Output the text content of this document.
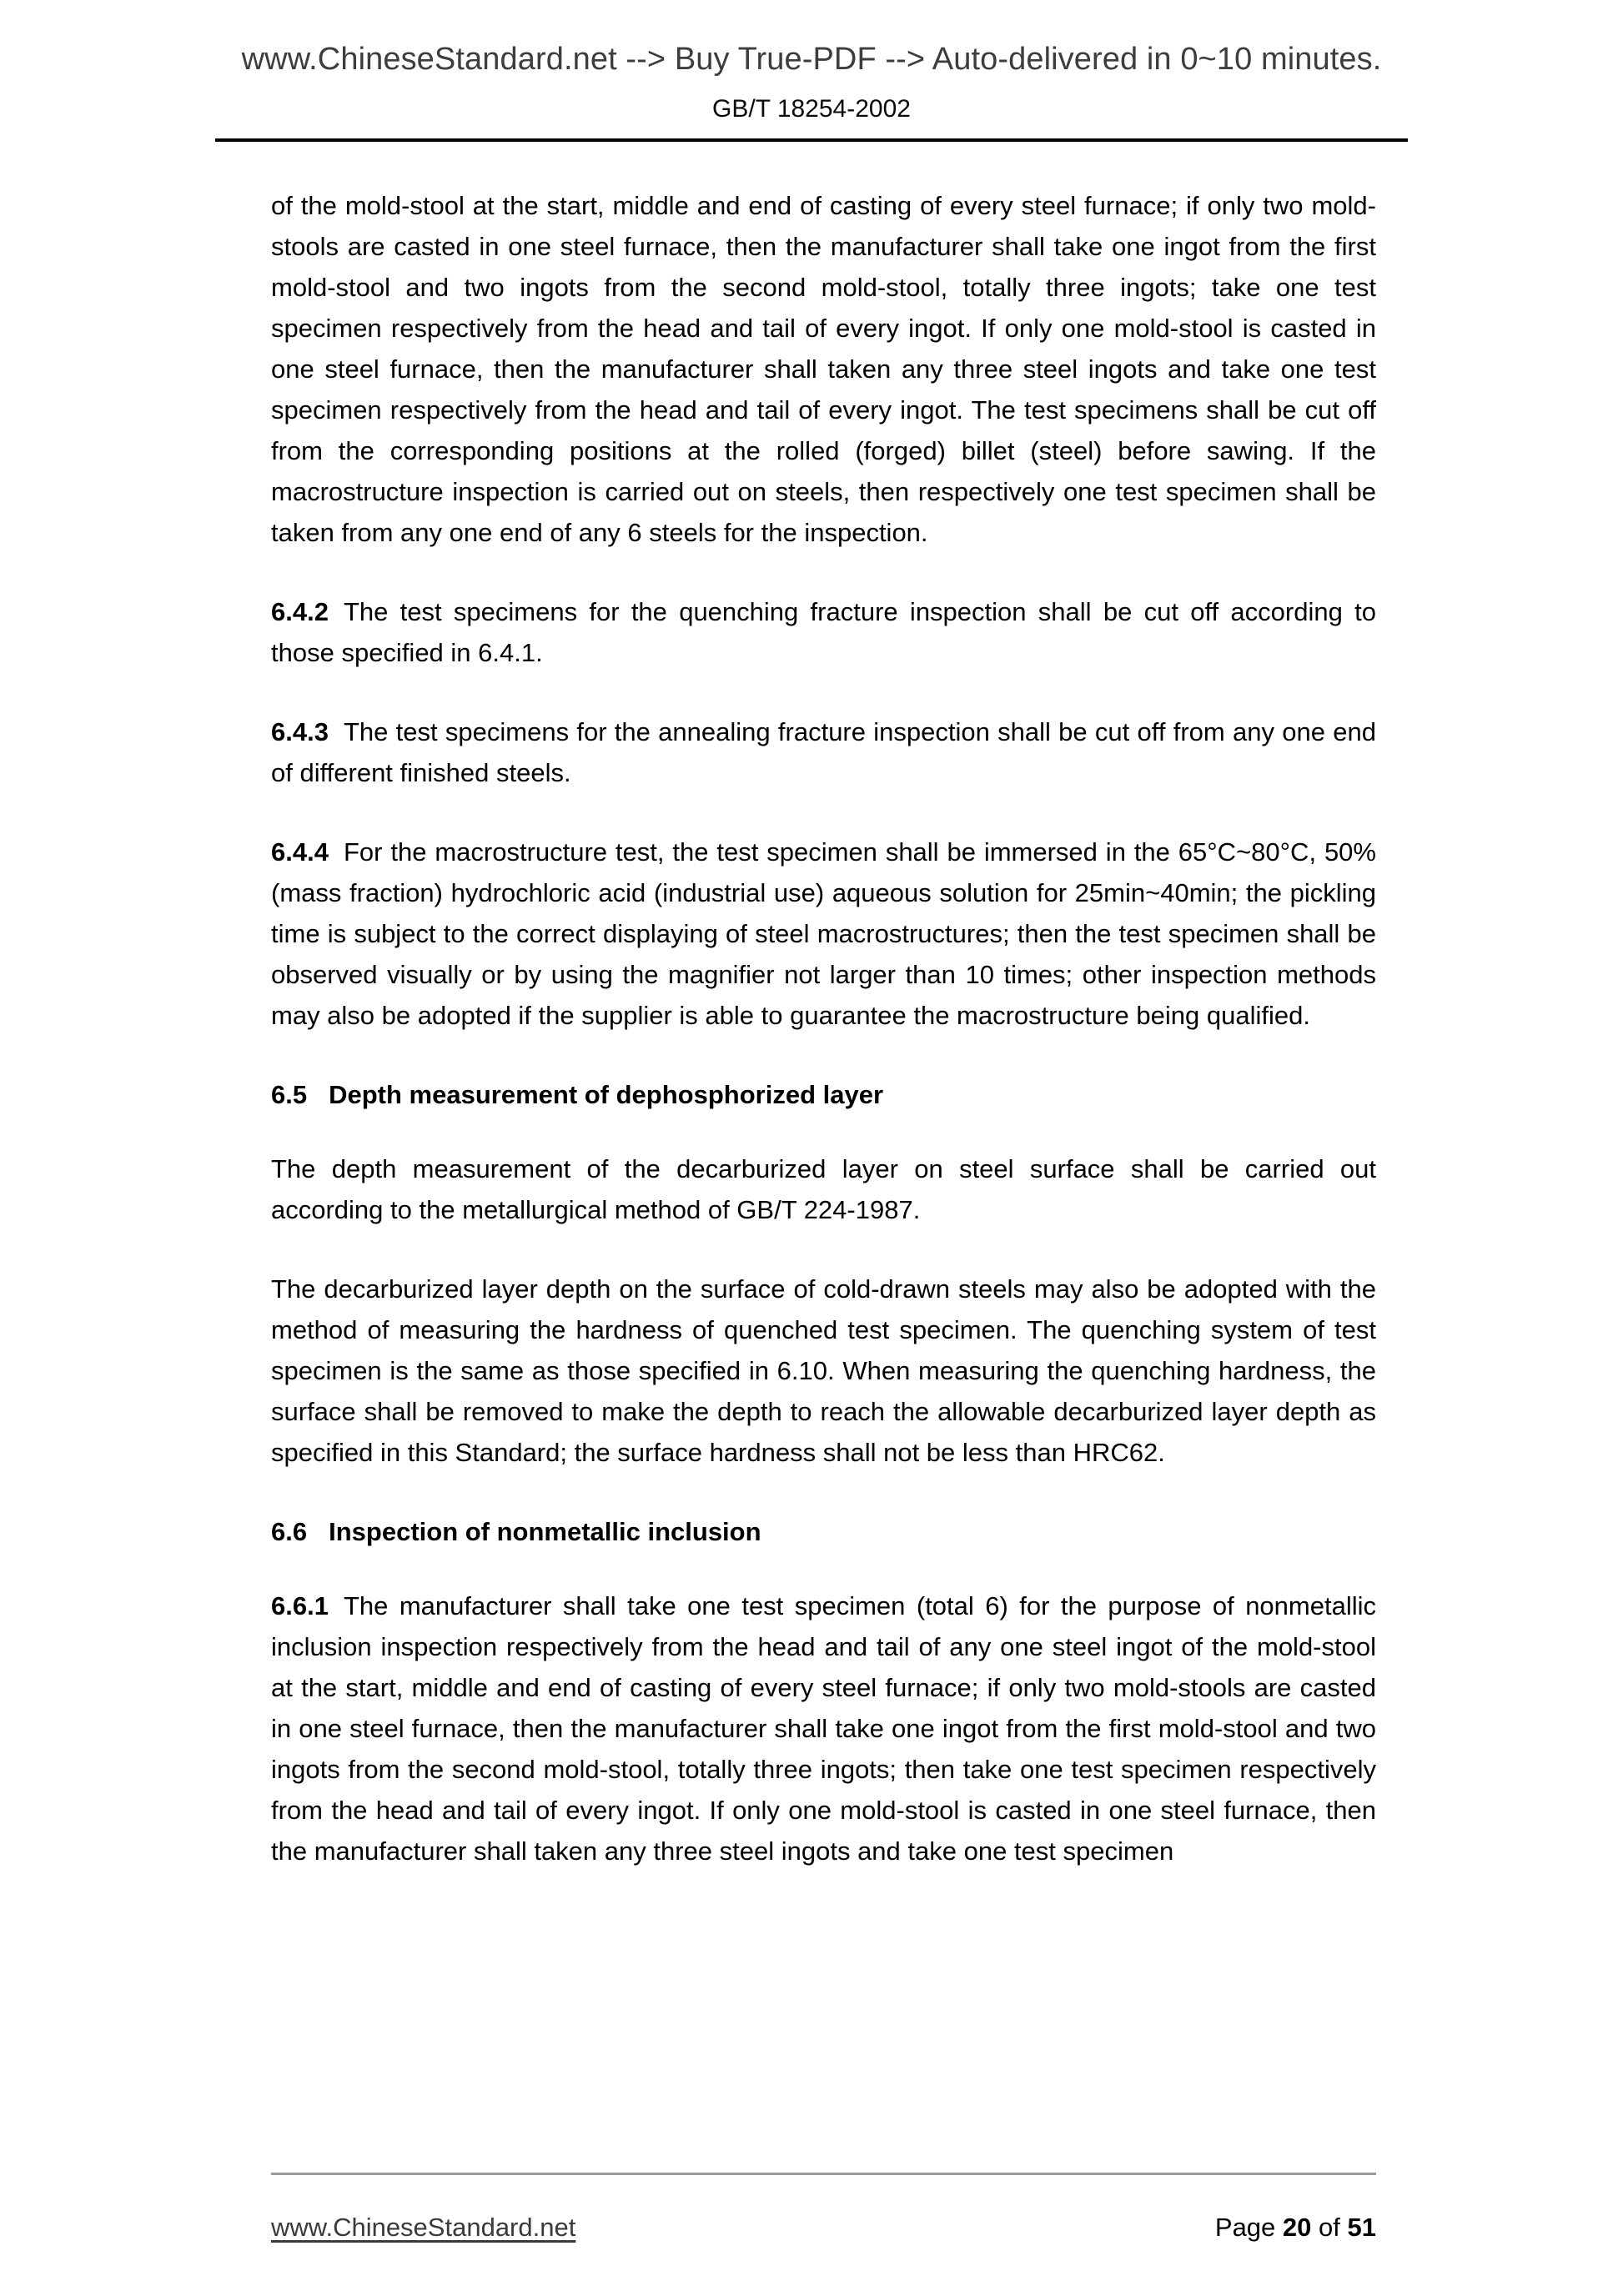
www.ChineseStandard.net --> Buy True-PDF --> Auto-delivered in 0~10 minutes.
GB/T 18254-2002

of the mold-stool at the start, middle and end of casting of every steel furnace; if only two mold-stools are casted in one steel furnace, then the manufacturer shall take one ingot from the first mold-stool and two ingots from the second mold-stool, totally three ingots; take one test specimen respectively from the head and tail of every ingot. If only one mold-stool is casted in one steel furnace, then the manufacturer shall taken any three steel ingots and take one test specimen respectively from the head and tail of every ingot. The test specimens shall be cut off from the corresponding positions at the rolled (forged) billet (steel) before sawing. If the macrostructure inspection is carried out on steels, then respectively one test specimen shall be taken from any one end of any 6 steels for the inspection.

6.4.2 The test specimens for the quenching fracture inspection shall be cut off according to those specified in 6.4.1.

6.4.3 The test specimens for the annealing fracture inspection shall be cut off from any one end of different finished steels.

6.4.4 For the macrostructure test, the test specimen shall be immersed in the 65°C~80°C, 50% (mass fraction) hydrochloric acid (industrial use) aqueous solution for 25min~40min; the pickling time is subject to the correct displaying of steel macrostructures; then the test specimen shall be observed visually or by using the magnifier not larger than 10 times; other inspection methods may also be adopted if the supplier is able to guarantee the macrostructure being qualified.

6.5 Depth measurement of dephosphorized layer

The depth measurement of the decarburized layer on steel surface shall be carried out according to the metallurgical method of GB/T 224-1987.

The decarburized layer depth on the surface of cold-drawn steels may also be adopted with the method of measuring the hardness of quenched test specimen. The quenching system of test specimen is the same as those specified in 6.10. When measuring the quenching hardness, the surface shall be removed to make the depth to reach the allowable decarburized layer depth as specified in this Standard; the surface hardness shall not be less than HRC62.

6.6 Inspection of nonmetallic inclusion

6.6.1 The manufacturer shall take one test specimen (total 6) for the purpose of nonmetallic inclusion inspection respectively from the head and tail of any one steel ingot of the mold-stool at the start, middle and end of casting of every steel furnace; if only two mold-stools are casted in one steel furnace, then the manufacturer shall take one ingot from the first mold-stool and two ingots from the second mold-stool, totally three ingots; then take one test specimen respectively from the head and tail of every ingot. If only one mold-stool is casted in one steel furnace, then the manufacturer shall taken any three steel ingots and take one test specimen

www.ChineseStandard.net	Page 20 of 51
